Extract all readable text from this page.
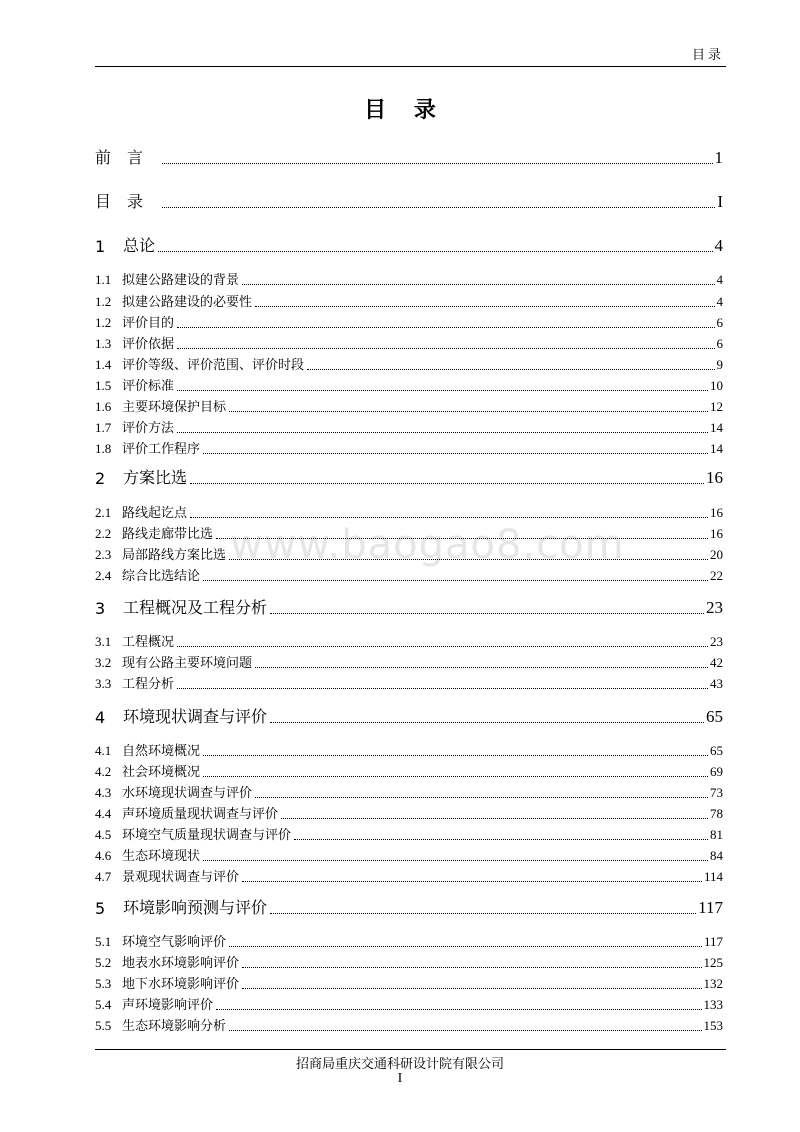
目录
www.baogao8.com
目 录
前言	1
目录	I
1	总论	4
1.1 拟建公路建设的背景	4
1.2 拟建公路建设的必要性	4
1.2 评价目的	6
1.3 评价依据	6
1.4 评价等级、评价范围、评价时段	9
1.5 评价标准	10
1.6 主要环境保护目标	12
1.7 评价方法	14
1.8 评价工作程序	14
2	方案比选	16
2.1 路线起讫点	16
2.2 路线走廊带比选	16
2.3 局部路线方案比选	20
2.4 综合比选结论	22
3	工程概况及工程分析	23
3.1 工程概况	23
3.2 现有公路主要环境问题	42
3.3 工程分析	43
4	环境现状调查与评价	65
4.1 自然环境概况	65
4.2 社会环境概况	69
4.3 水环境现状调查与评价	73
4.4 声环境质量现状调查与评价	78
4.5 环境空气质量现状调查与评价	81
4.6 生态环境现状	84
4.7 景观现状调查与评价	114
5	环境影响预测与评价	117
5.1 环境空气影响评价	117
5.2 地表水环境影响评价	125
5.3 地下水环境影响评价	132
5.4 声环境影响评价	133
5.5 生态环境影响分析	153
招商局重庆交通科研设计院有限公司
I
